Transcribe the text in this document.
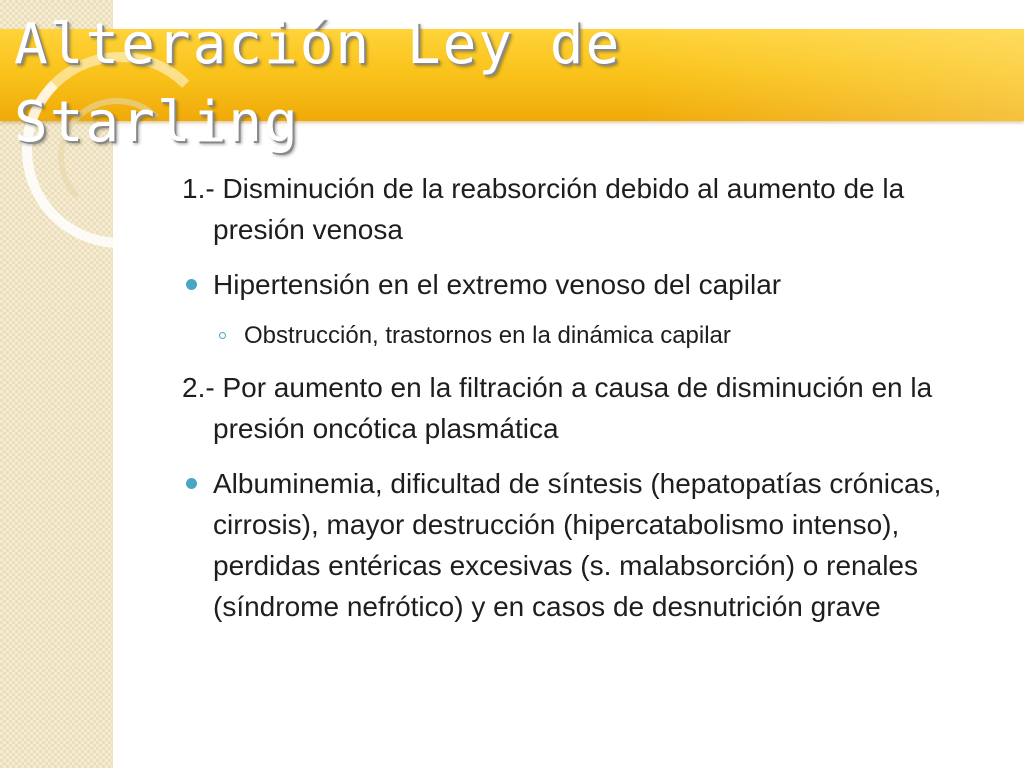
Alteración Ley de Starling

1.- Disminución de la reabsorción debido al aumento de la presión venosa

Hipertensión en el extremo venoso del capilar
Obstrucción, trastornos en la dinámica capilar

2.- Por aumento en la filtración a causa de disminución en la presión oncótica plasmática

Albuminemia, dificultad de síntesis (hepatopatías crónicas, cirrosis), mayor destrucción (hipercatabolismo intenso), perdidas entéricas excesivas (s. malabsorción) o renales (síndrome nefrótico) y en casos de desnutrición grave
